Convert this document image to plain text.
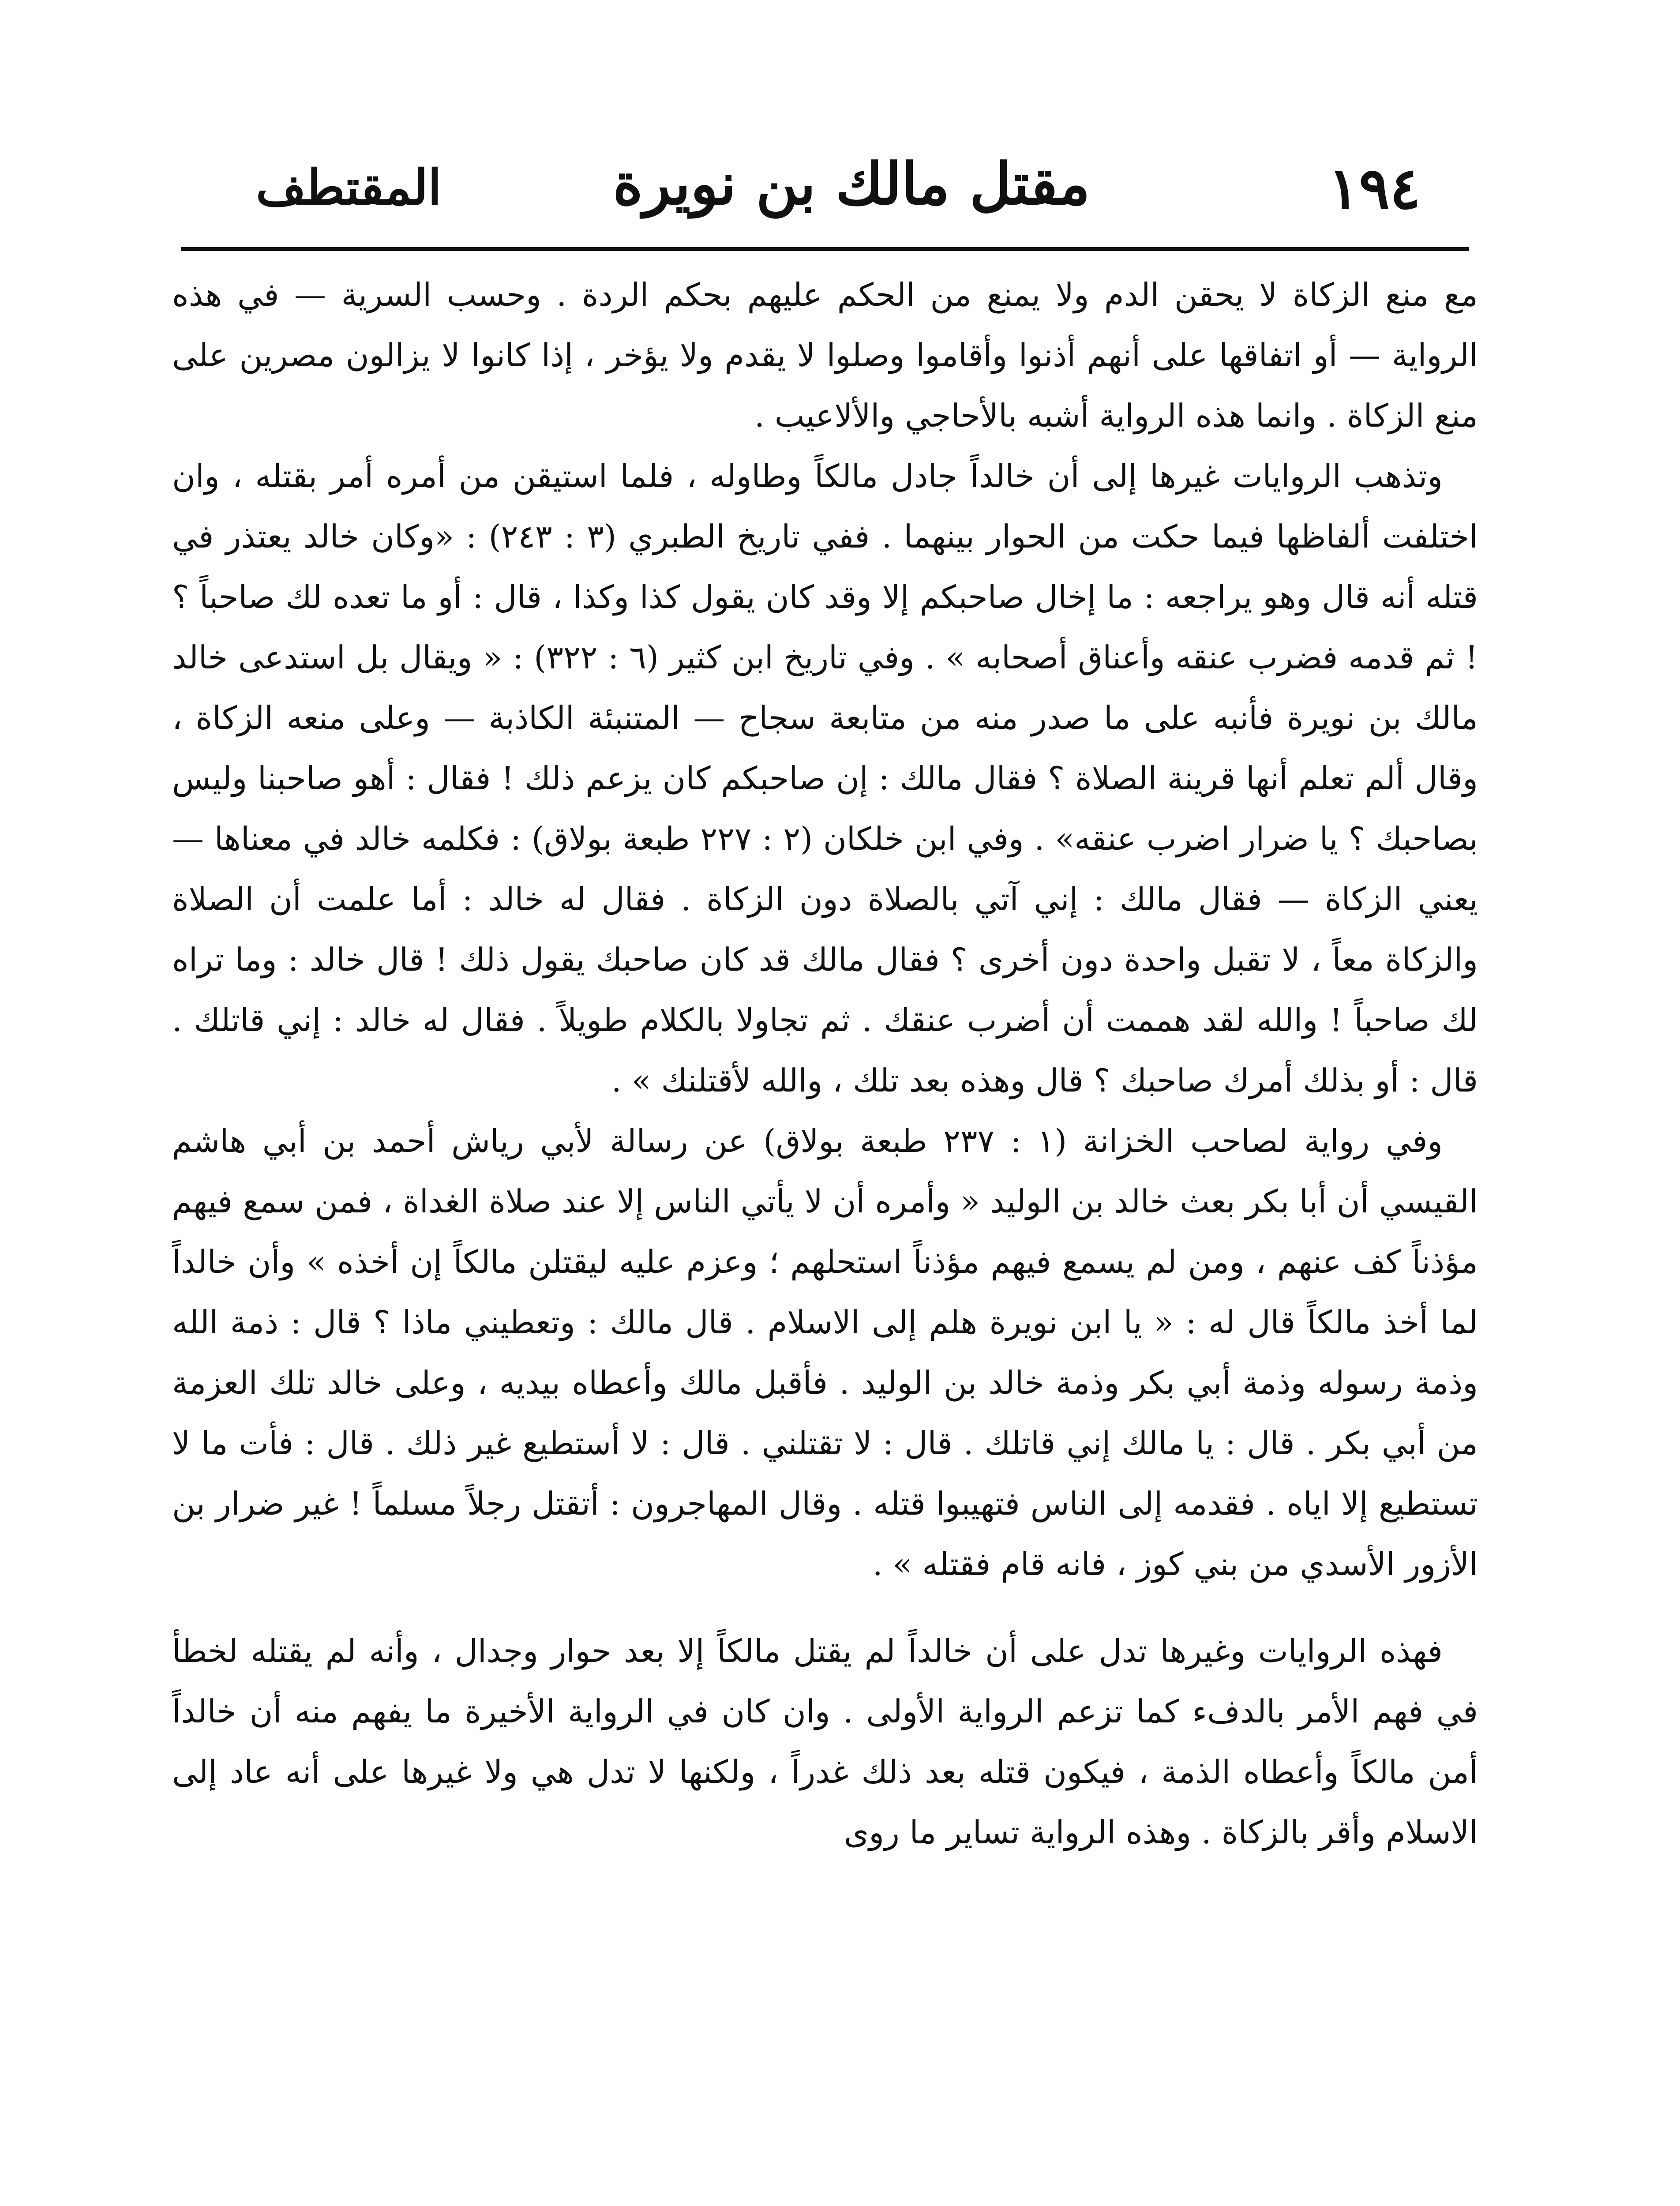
١٩٤
مقتل مالك بن نويرة
المقتطف

مع منع الزكاة لا يحقن الدم ولا يمنع من الحكم عليهم بحكم الردة . وحسب السرية — في هذه الرواية — أو اتفاقها على أنهم أذنوا وأقاموا وصلوا لا يقدم ولا يؤخر ، إذا كانوا لا يزالون مصرين على منع الزكاة . وانما هذه الرواية أشبه بالأحاجي والألاعيب .

وتذهب الروايات غيرها إلى أن خالداً جادل مالكاً وطاوله ، فلما استيقن من أمره أمر بقتله ، وان اختلفت ألفاظها فيما حكت من الحوار بينهما . ففي تاريخ الطبري (٣ : ٢٤٣) : «وكان خالد يعتذر في قتله أنه قال وهو يراجعه : ما إخال صاحبكم إلا وقد كان يقول كذا وكذا ، قال : أو ما تعده لك صاحباً ؟ ! ثم قدمه فضرب عنقه وأعناق أصحابه » . وفي تاريخ ابن كثير (٦ : ٣٢٢) : « ويقال بل استدعى خالد مالك بن نويرة فأنبه على ما صدر منه من متابعة سجاح — المتنبئة الكاذبة — وعلى منعه الزكاة ، وقال ألم تعلم أنها قرينة الصلاة ؟ فقال مالك : إن صاحبكم كان يزعم ذلك ! فقال : أهو صاحبنا وليس بصاحبك ؟ يا ضرار اضرب عنقه» . وفي ابن خلكان (٢ : ٢٢٧ طبعة بولاق) : فكلمه خالد في معناها — يعني الزكاة — فقال مالك : إني آتي بالصلاة دون الزكاة . فقال له خالد : أما علمت أن الصلاة والزكاة معاً ، لا تقبل واحدة دون أخرى ؟ فقال مالك قد كان صاحبك يقول ذلك ! قال خالد : وما تراه لك صاحباً ! والله لقد هممت أن أضرب عنقك . ثم تجاولا بالكلام طويلاً . فقال له خالد : إني قاتلك . قال : أو بذلك أمرك صاحبك ؟ قال وهذه بعد تلك ، والله لأقتلنك » .

وفي رواية لصاحب الخزانة (١ : ٢٣٧ طبعة بولاق) عن رسالة لأبي رياش أحمد بن أبي هاشم القيسي أن أبا بكر بعث خالد بن الوليد « وأمره أن لا يأتي الناس إلا عند صلاة الغداة ، فمن سمع فيهم مؤذناً كف عنهم ، ومن لم يسمع فيهم مؤذناً استحلهم ؛ وعزم عليه ليقتلن مالكاً إن أخذه » وأن خالداً لما أخذ مالكاً قال له : « يا ابن نويرة هلم إلى الاسلام . قال مالك : وتعطيني ماذا ؟ قال : ذمة الله وذمة رسوله وذمة أبي بكر وذمة خالد بن الوليد . فأقبل مالك وأعطاه بيديه ، وعلى خالد تلك العزمة من أبي بكر . قال : يا مالك إني قاتلك . قال : لا تقتلني . قال : لا أستطيع غير ذلك . قال : فأت ما لا تستطيع إلا اياه . فقدمه إلى الناس فتهيبوا قتله . وقال المهاجرون : أتقتل رجلاً مسلماً ! غير ضرار بن الأزور الأسدي من بني كوز ، فانه قام فقتله » .

فهذه الروايات وغيرها تدل على أن خالداً لم يقتل مالكاً إلا بعد حوار وجدال ، وأنه لم يقتله لخطأ في فهم الأمر بالدفء كما تزعم الرواية الأولى . وان كان في الرواية الأخيرة ما يفهم منه أن خالداً أمن مالكاً وأعطاه الذمة ، فيكون قتله بعد ذلك غدراً ، ولكنها لا تدل هي ولا غيرها على أنه عاد إلى الاسلام وأقر بالزكاة . وهذه الرواية تساير ما روى
